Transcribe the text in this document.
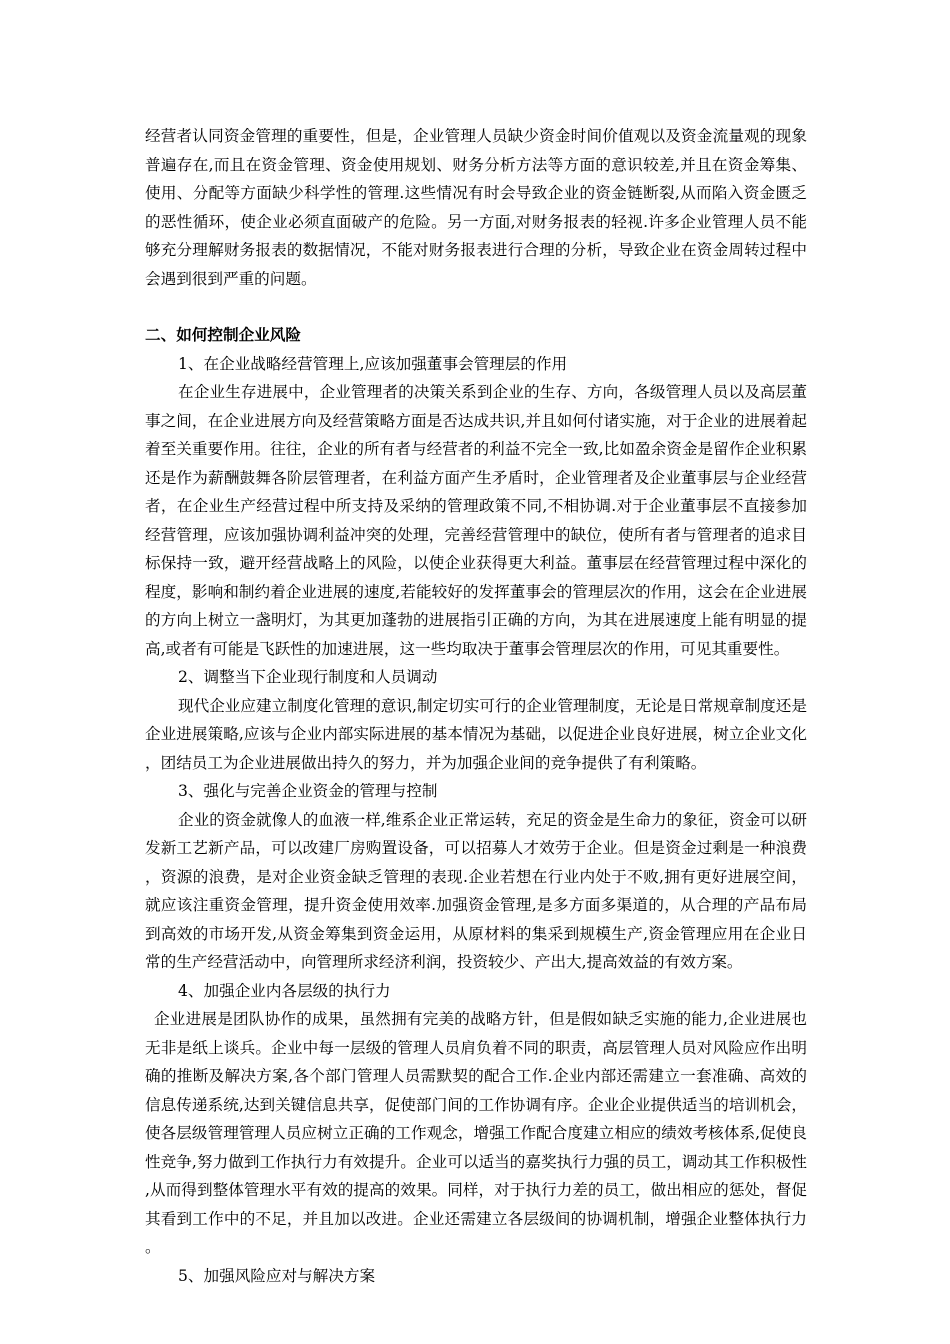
经营者认同资金管理的重要性，但是，企业管理人员缺少资金时间价值观以及资金流量观的现象普遍存在,而且在资金管理、资金使用规划、财务分析方法等方面的意识较差,并且在资金筹集、使用、分配等方面缺少科学性的管理.这些情况有时会导致企业的资金链断裂,从而陷入资金匮乏的恶性循环，使企业必须直面破产的危险。另一方面,对财务报表的轻视.许多企业管理人员不能够充分理解财务报表的数据情况，不能对财务报表进行合理的分析，导致企业在资金周转过程中会遇到很到严重的问题。

二、如何控制企业风险

1、在企业战略经营管理上,应该加强董事会管理层的作用

在企业生存进展中，企业管理者的决策关系到企业的生存、方向，各级管理人员以及高层董事之间，在企业进展方向及经营策略方面是否达成共识,并且如何付诸实施，对于企业的进展着起着至关重要作用。往往，企业的所有者与经营者的利益不完全一致,比如盈余资金是留作企业积累还是作为薪酬鼓舞各阶层管理者，在利益方面产生矛盾时，企业管理者及企业董事层与企业经营者，在企业生产经营过程中所支持及采纳的管理政策不同,不相协调.对于企业董事层不直接参加经营管理，应该加强协调利益冲突的处理，完善经营管理中的缺位，使所有者与管理者的追求目标保持一致，避开经营战略上的风险，以使企业获得更大利益。董事层在经营管理过程中深化的程度，影响和制约着企业进展的速度,若能较好的发挥董事会的管理层次的作用，这会在企业进展的方向上树立一盏明灯，为其更加蓬勃的进展指引正确的方向，为其在进展速度上能有明显的提高,或者有可能是飞跃性的加速进展，这一些均取决于董事会管理层次的作用，可见其重要性。

2、调整当下企业现行制度和人员调动

现代企业应建立制度化管理的意识,制定切实可行的企业管理制度，无论是日常规章制度还是企业进展策略,应该与企业内部实际进展的基本情况为基础，以促进企业良好进展，树立企业文化，团结员工为企业进展做出持久的努力，并为加强企业间的竞争提供了有利策略。

3、强化与完善企业资金的管理与控制

企业的资金就像人的血液一样,维系企业正常运转，充足的资金是生命力的象征，资金可以研发新工艺新产品，可以改建厂房购置设备，可以招募人才效劳于企业。但是资金过剩是一种浪费，资源的浪费，是对企业资金缺乏管理的表现.企业若想在行业内处于不败,拥有更好进展空间，就应该注重资金管理，提升资金使用效率.加强资金管理,是多方面多渠道的，从合理的产品布局到高效的市场开发,从资金筹集到资金运用，从原材料的集采到规模生产,资金管理应用在企业日常的生产经营活动中，向管理所求经济利润，投资较少、产出大,提高效益的有效方案。

4、加强企业内各层级的执行力

企业进展是团队协作的成果，虽然拥有完美的战略方针，但是假如缺乏实施的能力,企业进展也无非是纸上谈兵。企业中每一层级的管理人员肩负着不同的职责，高层管理人员对风险应作出明确的推断及解决方案,各个部门管理人员需默契的配合工作.企业内部还需建立一套准确、高效的信息传递系统,达到关键信息共享，促使部门间的工作协调有序。企业企业提供适当的培训机会，使各层级管理管理人员应树立正确的工作观念，增强工作配合度建立相应的绩效考核体系,促使良性竞争,努力做到工作执行力有效提升。企业可以适当的嘉奖执行力强的员工，调动其工作积极性,从而得到整体管理水平有效的提高的效果。同样，对于执行力差的员工，做出相应的惩处，督促其看到工作中的不足，并且加以改进。企业还需建立各层级间的协调机制，增强企业整体执行力。

5、加强风险应对与解决方案
